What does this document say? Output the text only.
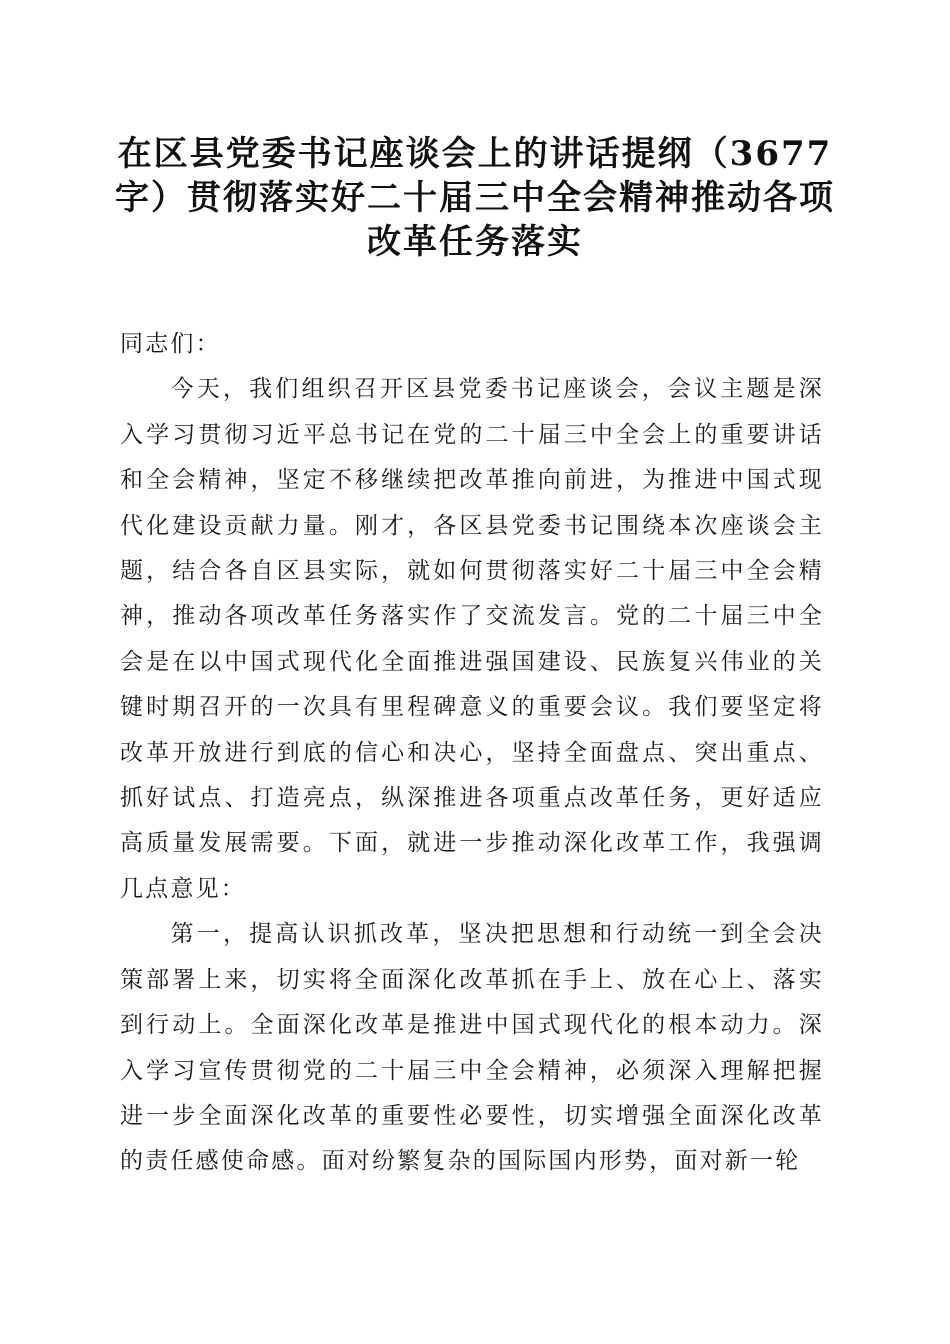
在区县党委书记座谈会上的讲话提纲（3677字）贯彻落实好二十届三中全会精神推动各项改革任务落实

同志们：

今天，我们组织召开区县党委书记座谈会，会议主题是深入学习贯彻习近平总书记在党的二十届三中全会上的重要讲话和全会精神，坚定不移继续把改革推向前进，为推进中国式现代化建设贡献力量。刚才，各区县党委书记围绕本次座谈会主题，结合各自区县实际，就如何贯彻落实好二十届三中全会精神，推动各项改革任务落实作了交流发言。党的二十届三中全会是在以中国式现代化全面推进强国建设、民族复兴伟业的关键时期召开的一次具有里程碑意义的重要会议。我们要坚定将改革开放进行到底的信心和决心，坚持全面盘点、突出重点、抓好试点、打造亮点，纵深推进各项重点改革任务，更好适应高质量发展需要。下面，就进一步推动深化改革工作，我强调几点意见：

第一，提高认识抓改革，坚决把思想和行动统一到全会决策部署上来，切实将全面深化改革抓在手上、放在心上、落实到行动上。全面深化改革是推进中国式现代化的根本动力。深入学习宣传贯彻党的二十届三中全会精神，必须深入理解把握进一步全面深化改革的重要性必要性，切实增强全面深化改革的责任感使命感。面对纷繁复杂的国际国内形势，面对新一轮
